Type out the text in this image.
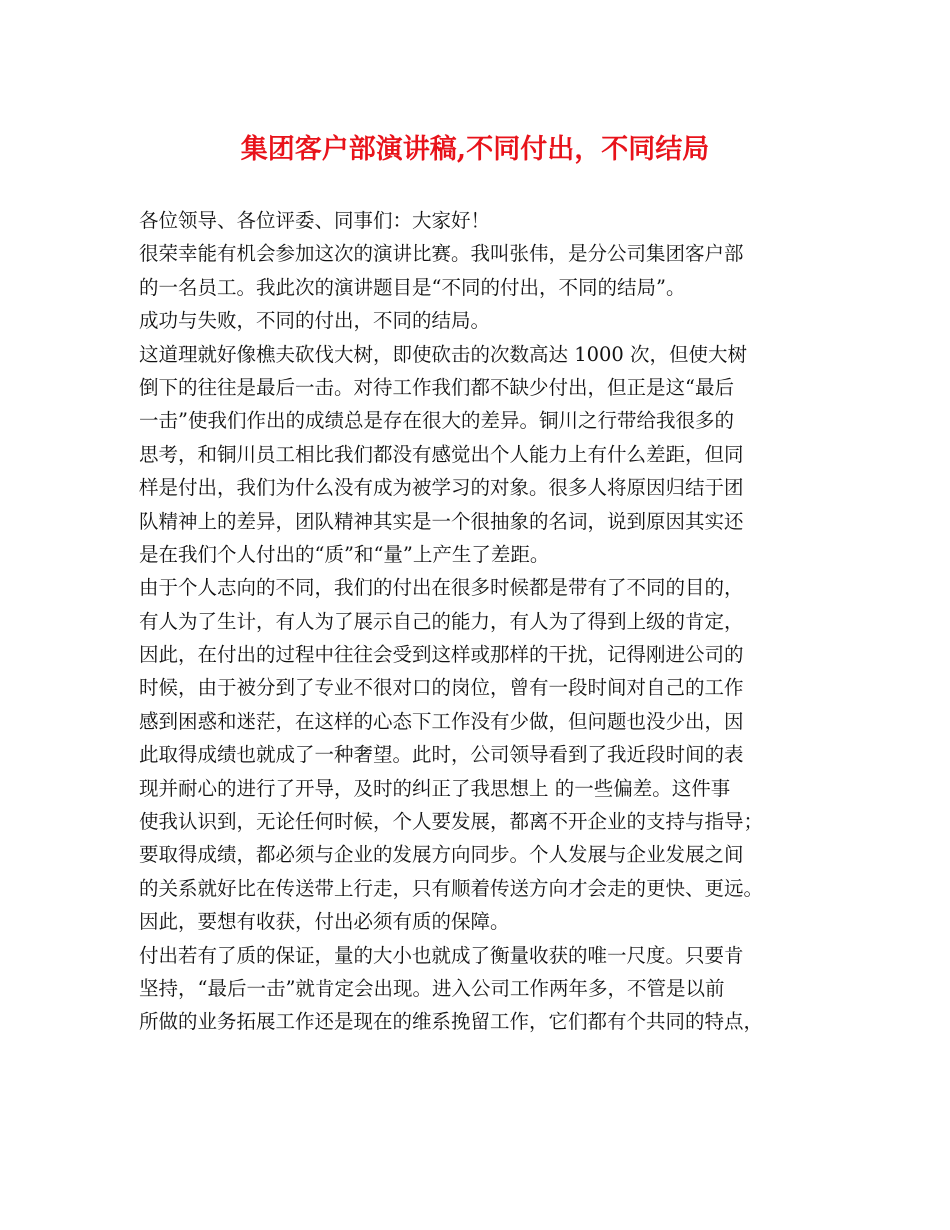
集团客户部演讲稿,不同付出，不同结局
各位领导、各位评委、同事们：大家好！
很荣幸能有机会参加这次的演讲比赛。我叫张伟，是分公司集团客户部
的一名员工。我此次的演讲题目是“不同的付出，不同的结局”。
成功与失败，不同的付出，不同的结局。
这道理就好像樵夫砍伐大树，即使砍击的次数高达 1000 次，但使大树
倒下的往往是最后一击。对待工作我们都不缺少付出，但正是这“最后
一击”使我们作出的成绩总是存在很大的差异。铜川之行带给我很多的
思考，和铜川员工相比我们都没有感觉出个人能力上有什么差距，但同
样是付出，我们为什么没有成为被学习的对象。很多人将原因归结于团
队精神上的差异，团队精神其实是一个很抽象的名词，说到原因其实还
是在我们个人付出的“质”和“量”上产生了差距。
由于个人志向的不同，我们的付出在很多时候都是带有了不同的目的，
有人为了生计，有人为了展示自己的能力，有人为了得到上级的肯定，
因此，在付出的过程中往往会受到这样或那样的干扰，记得刚进公司的
时候，由于被分到了专业不很对口的岗位，曾有一段时间对自己的工作
感到困惑和迷茫，在这样的心态下工作没有少做，但问题也没少出，因
此取得成绩也就成了一种奢望。此时，公司领导看到了我近段时间的表
现并耐心的进行了开导，及时的纠正了我思想上 的一些偏差。这件事
使我认识到，无论任何时候，个人要发展，都离不开企业的支持与指导；
要取得成绩，都必须与企业的发展方向同步。个人发展与企业发展之间
的关系就好比在传送带上行走，只有顺着传送方向才会走的更快、更远。
因此，要想有收获，付出必须有质的保障。
付出若有了质的保证，量的大小也就成了衡量收获的唯一尺度。只要肯
坚持，“最后一击”就肯定会出现。进入公司工作两年多，不管是以前
所做的业务拓展工作还是现在的维系挽留工作，它们都有个共同的特点，
